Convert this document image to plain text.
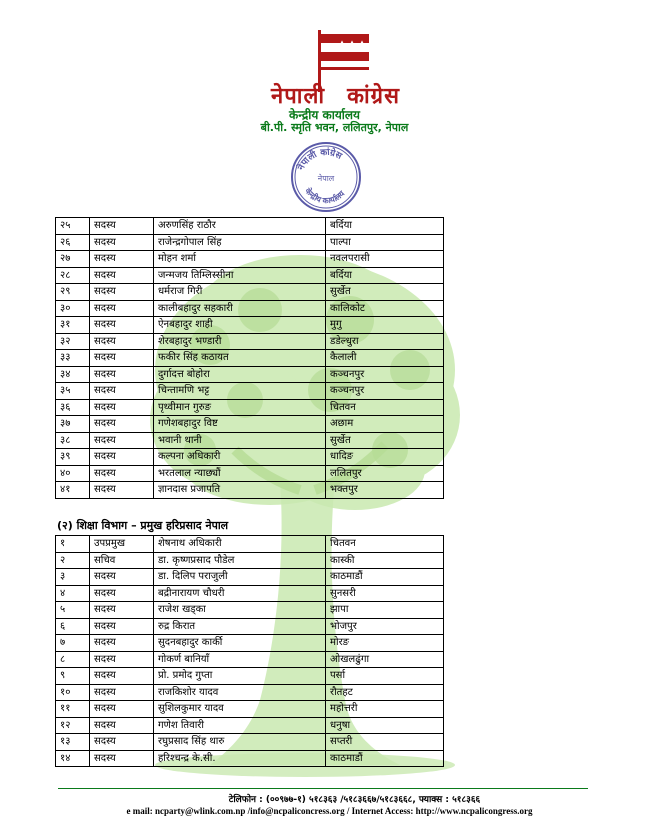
नेपाली कांग्रेस
केन्द्रीय कार्यालय
बी.पी. स्मृति भवन, ललितपुर, नेपाल
नेपाली कांग्रेस
नेपाल
केन्द्रीय कार्यालय
२५	सदस्य	अरुणसिंह राठौर	बर्दिया
२६	सदस्य	राजेन्द्रगोपाल सिंह	पाल्पा
२७	सदस्य	मोहन शर्मा	नवलपरासी
२८	सदस्य	जन्मजय तिम्लिस्सीना	बर्दिया
२९	सदस्य	धर्मराज गिरी	सुर्खेत
३०	सदस्य	कालीबहादुर सहकारी	कालिकोट
३१	सदस्य	ऐनबहादुर शाही	मुगु
३२	सदस्य	शेरबहादुर भण्डारी	डडेल्धुरा
३३	सदस्य	फकीर सिंह कठायत	कैलाली
३४	सदस्य	दुर्गादत्त बोहोरा	कञ्चनपुर
३५	सदस्य	चिन्तामणि भट्ट	कञ्चनपुर
३६	सदस्य	पृथ्वीमान गुरुङ	चितवन
३७	सदस्य	गणेशबहादुर विष्ट	अछाम
३८	सदस्य	भवानी थानी	सुर्खेत
३९	सदस्य	कल्पना अधिकारी	धादिङ
४०	सदस्य	भरतलाल न्याछ्यौं	ललितपुर
४१	सदस्य	ज्ञानदास प्रजापति	भक्तपुर
(२) शिक्षा विभाग – प्रमुख हरिप्रसाद नेपाल
१	उपप्रमुख	शेषनाथ अधिकारी	चितवन
२	सचिव	डा. कृष्णप्रसाद पौडेल	कास्की
३	सदस्य	डा. दिलिप पराजुली	काठमाडौं
४	सदस्य	बद्रीनारायण चौधरी	सुनसरी
५	सदस्य	राजेश खड्का	झापा
६	सदस्य	रुद्र किरात	भोजपुर
७	सदस्य	सुदनबहादुर कार्की	मोरङ
८	सदस्य	गोकर्ण बानियाँ	ओखलढुंगा
९	सदस्य	प्रो. प्रमोद गुप्ता	पर्सा
१०	सदस्य	राजकिशोर यादव	रौतहट
११	सदस्य	सुशिलकुमार यादव	महोत्तरी
१२	सदस्य	गणेश तिवारी	धनुषा
१३	सदस्य	रघुप्रसाद सिंह थारु	सप्तरी
१४	सदस्य	हरिश्चन्द्र के.सी.	काठमाडौं
टेलिफोन : (००९७७-१) ५१८३६३ /५१८३६६७/५१८३६६८, फ्याक्स : ५१८३६६
e mail: ncparty@wlink.com.np /info@ncpaliconcress.org / Internet Access: http://www.ncpalicongress.org
